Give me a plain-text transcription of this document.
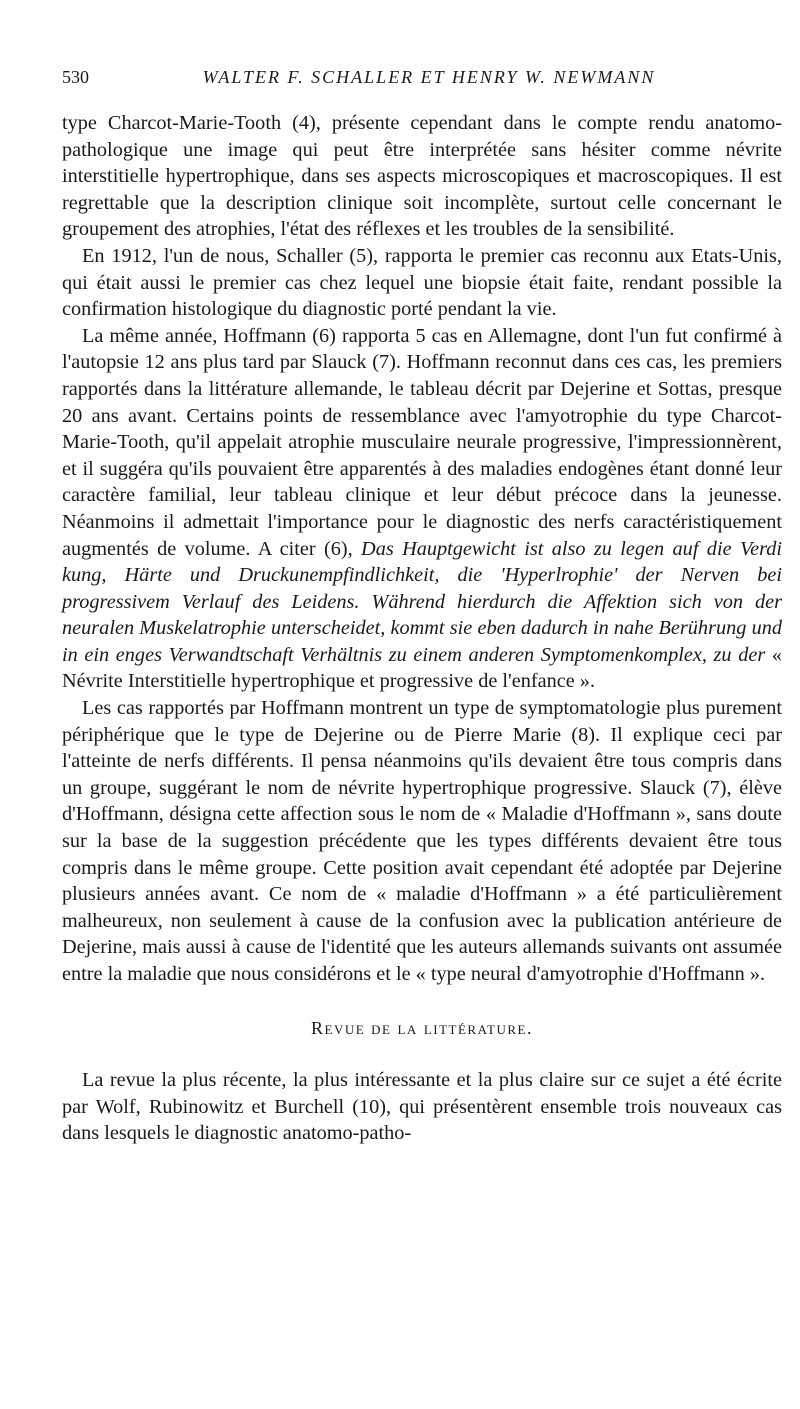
530	WALTER F. SCHALLER ET HENRY W. NEWMANN

type Charcot-Marie-Tooth (4), présente cependant dans le compte rendu anatomo-pathologique une image qui peut être interprétée sans hésiter comme névrite interstitielle hypertrophique, dans ses aspects microscopiques et macroscopiques. Il est regrettable que la description clinique soit incomplète, surtout celle concernant le groupement des atrophies, l'état des réflexes et les troubles de la sensibilité.

En 1912, l'un de nous, Schaller (5), rapporta le premier cas reconnu aux Etats-Unis, qui était aussi le premier cas chez lequel une biopsie était faite, rendant possible la confirmation histologique du diagnostic porté pendant la vie.

La même année, Hoffmann (6) rapporta 5 cas en Allemagne, dont l'un fut confirmé à l'autopsie 12 ans plus tard par Slauck (7). Hoffmann reconnut dans ces cas, les premiers rapportés dans la littérature allemande, le tableau décrit par Dejerine et Sottas, presque 20 ans avant. Certains points de ressemblance avec l'amyotrophie du type Charcot-Marie-Tooth, qu'il appelait atrophie musculaire neurale progressive, l'impressionnèrent, et il suggéra qu'ils pouvaient être apparentés à des maladies endogènes étant donné leur caractère familial, leur tableau clinique et leur début précoce dans la jeunesse. Néanmoins il admettait l'importance pour le diagnostic des nerfs caractéristiquement augmentés de volume. A citer (6), Das Hauptgewicht ist also zu legen auf die Verdi kung, Härte und Druckunempfindlichkeit, die 'Hyperlrophie' der Nerven bei progressivem Verlauf des Leidens. Während hierdurch die Affektion sich von der neuralen Muskelatrophie unterscheidet, kommt sie eben dadurch in nahe Berührung und in ein enges Verwandtschaft Verhältnis zu einem anderen Symptomenkomplex, zu der « Névrite Interstitielle hypertrophique et progressive de l'enfance ».

Les cas rapportés par Hoffmann montrent un type de symptomatologie plus purement périphérique que le type de Dejerine ou de Pierre Marie (8). Il explique ceci par l'atteinte de nerfs différents. Il pensa néanmoins qu'ils devaient être tous compris dans un groupe, suggérant le nom de névrite hypertrophique progressive. Slauck (7), élève d'Hoffmann, désigna cette affection sous le nom de « Maladie d'Hoffmann », sans doute sur la base de la suggestion précédente que les types différents devaient être tous compris dans le même groupe. Cette position avait cependant été adoptée par Dejerine plusieurs années avant. Ce nom de « maladie d'Hoffmann » a été particulièrement malheureux, non seulement à cause de la confusion avec la publication antérieure de Dejerine, mais aussi à cause de l'identité que les auteurs allemands suivants ont assumée entre la maladie que nous considérons et le « type neural d'amyotrophie d'Hoffmann ».

Revue de la littérature.

La revue la plus récente, la plus intéressante et la plus claire sur ce sujet a été écrite par Wolf, Rubinowitz et Burchell (10), qui présentèrent ensemble trois nouveaux cas dans lesquels le diagnostic anatomo-patho-
